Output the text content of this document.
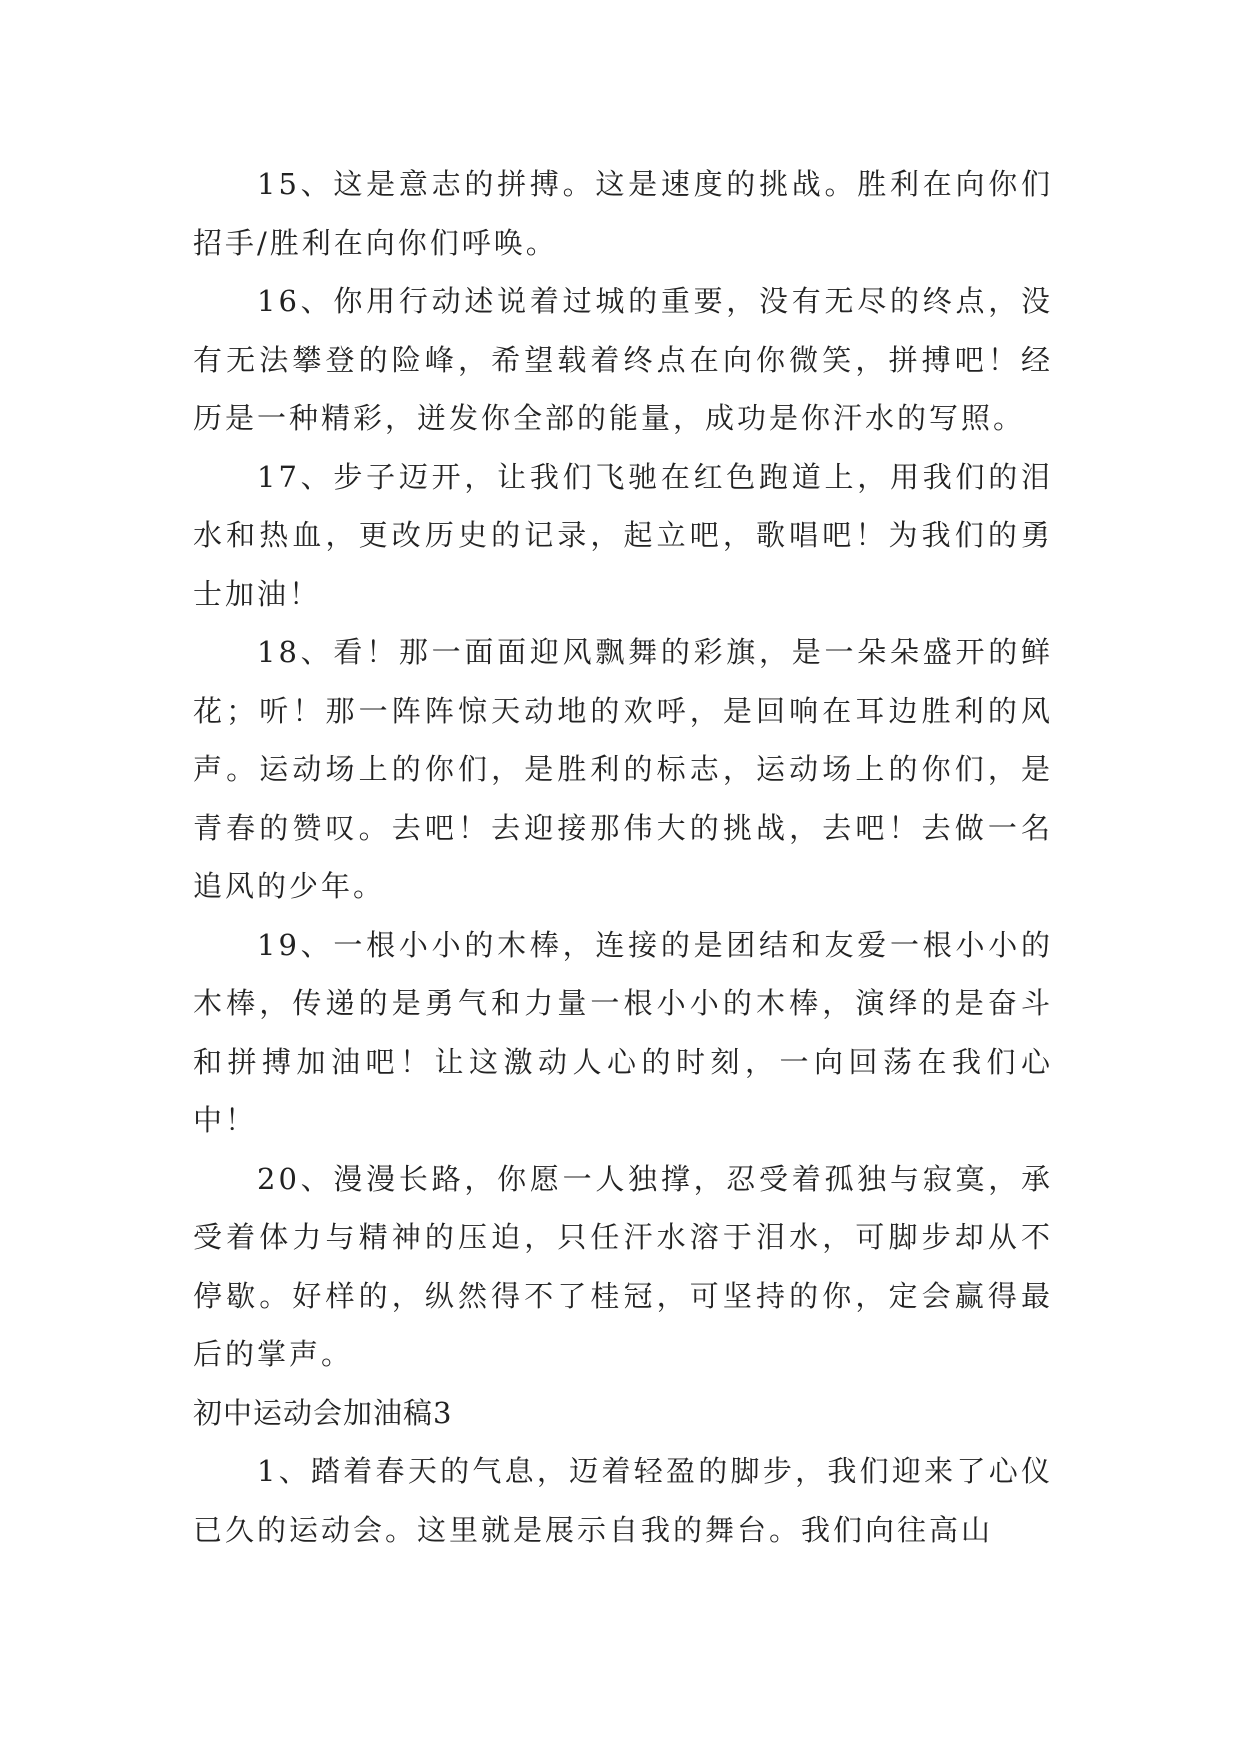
15、这是意志的拼搏。这是速度的挑战。胜利在向你们招手/胜利在向你们呼唤。

16、你用行动述说着过城的重要，没有无尽的终点，没有无法攀登的险峰，希望载着终点在向你微笑，拼搏吧！经历是一种精彩，迸发你全部的能量，成功是你汗水的写照。

17、步子迈开，让我们飞驰在红色跑道上，用我们的泪水和热血，更改历史的记录，起立吧，歌唱吧！为我们的勇士加油！

18、看！那一面面迎风飘舞的彩旗，是一朵朵盛开的鲜花；听！那一阵阵惊天动地的欢呼，是回响在耳边胜利的风声。运动场上的你们，是胜利的标志，运动场上的你们，是青春的赞叹。去吧！去迎接那伟大的挑战，去吧！去做一名追风的少年。

19、一根小小的木棒，连接的是团结和友爱一根小小的木棒，传递的是勇气和力量一根小小的木棒，演绎的是奋斗和拼搏加油吧！让这激动人心的时刻，一向回荡在我们心中！

20、漫漫长路，你愿一人独撑，忍受着孤独与寂寞，承受着体力与精神的压迫，只任汗水溶于泪水，可脚步却从不停歇。好样的，纵然得不了桂冠，可坚持的你，定会赢得最后的掌声。

初中运动会加油稿3

1、踏着春天的气息，迈着轻盈的脚步，我们迎来了心仪已久的运动会。这里就是展示自我的舞台。我们向往高山
